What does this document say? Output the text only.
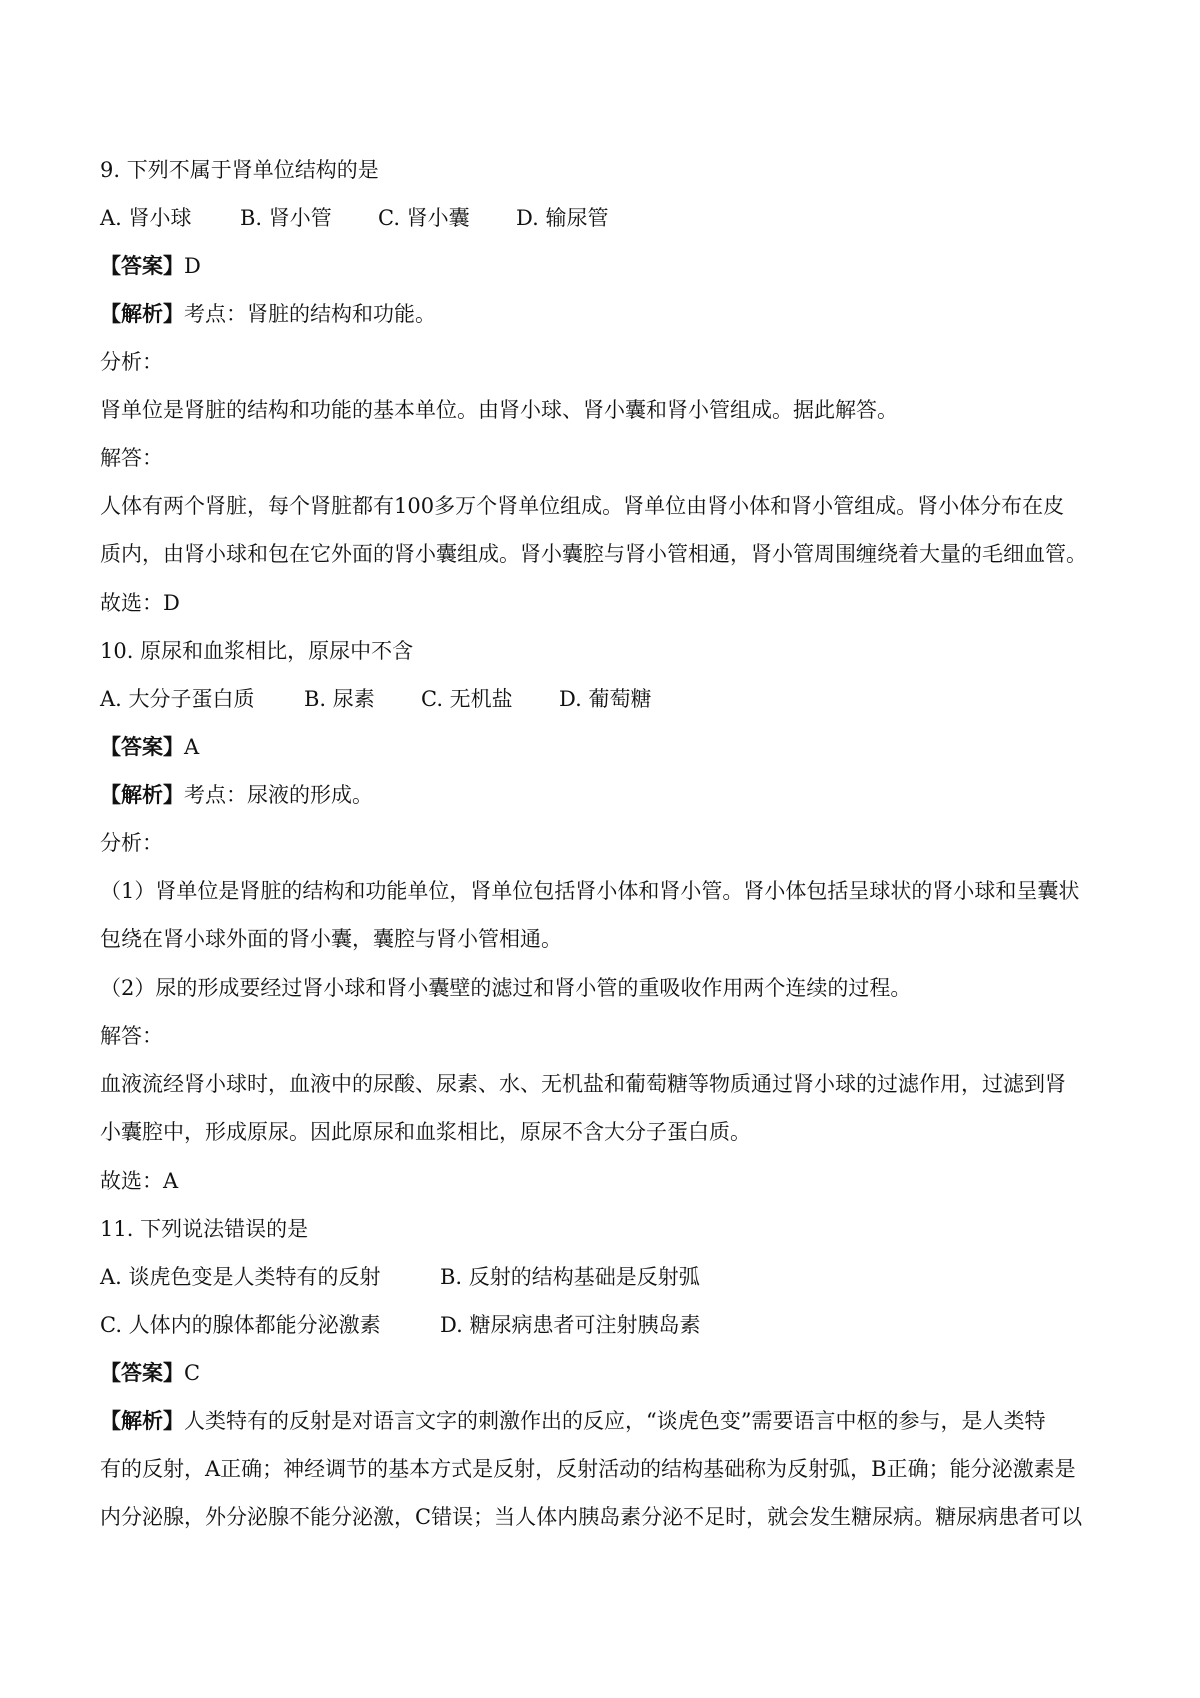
9. 下列不属于肾单位结构的是
A. 肾小球 B. 肾小管 C. 肾小囊 D. 输尿管
【答案】D
【解析】考点：肾脏的结构和功能。
分析：
肾单位是肾脏的结构和功能的基本单位。由肾小球、肾小囊和肾小管组成。据此解答。
解答：
人体有两个肾脏，每个肾脏都有100多万个肾单位组成。肾单位由肾小体和肾小管组成。肾小体分布在皮
质内，由肾小球和包在它外面的肾小囊组成。肾小囊腔与肾小管相通，肾小管周围缠绕着大量的毛细血管。
故选：D
10. 原尿和血浆相比，原尿中不含
A. 大分子蛋白质 B. 尿素 C. 无机盐 D. 葡萄糖
【答案】A
【解析】考点：尿液的形成。
分析：
（1）肾单位是肾脏的结构和功能单位，肾单位包括肾小体和肾小管。肾小体包括呈球状的肾小球和呈囊状
包绕在肾小球外面的肾小囊，囊腔与肾小管相通。
（2）尿的形成要经过肾小球和肾小囊壁的滤过和肾小管的重吸收作用两个连续的过程。
解答：
血液流经肾小球时，血液中的尿酸、尿素、水、无机盐和葡萄糖等物质通过肾小球的过滤作用，过滤到肾
小囊腔中，形成原尿。因此原尿和血浆相比，原尿不含大分子蛋白质。
故选：A
11. 下列说法错误的是
A. 谈虎色变是人类特有的反射	B. 反射的结构基础是反射弧
C. 人体内的腺体都能分泌激素	D. 糖尿病患者可注射胰岛素
【答案】C
【解析】人类特有的反射是对语言文字的刺激作出的反应，“谈虎色变”需要语言中枢的参与，是人类特
有的反射，A正确；神经调节的基本方式是反射，反射活动的结构基础称为反射弧，B正确；能分泌激素是
内分泌腺，外分泌腺不能分泌激，C错误；当人体内胰岛素分泌不足时，就会发生糖尿病。糖尿病患者可以
